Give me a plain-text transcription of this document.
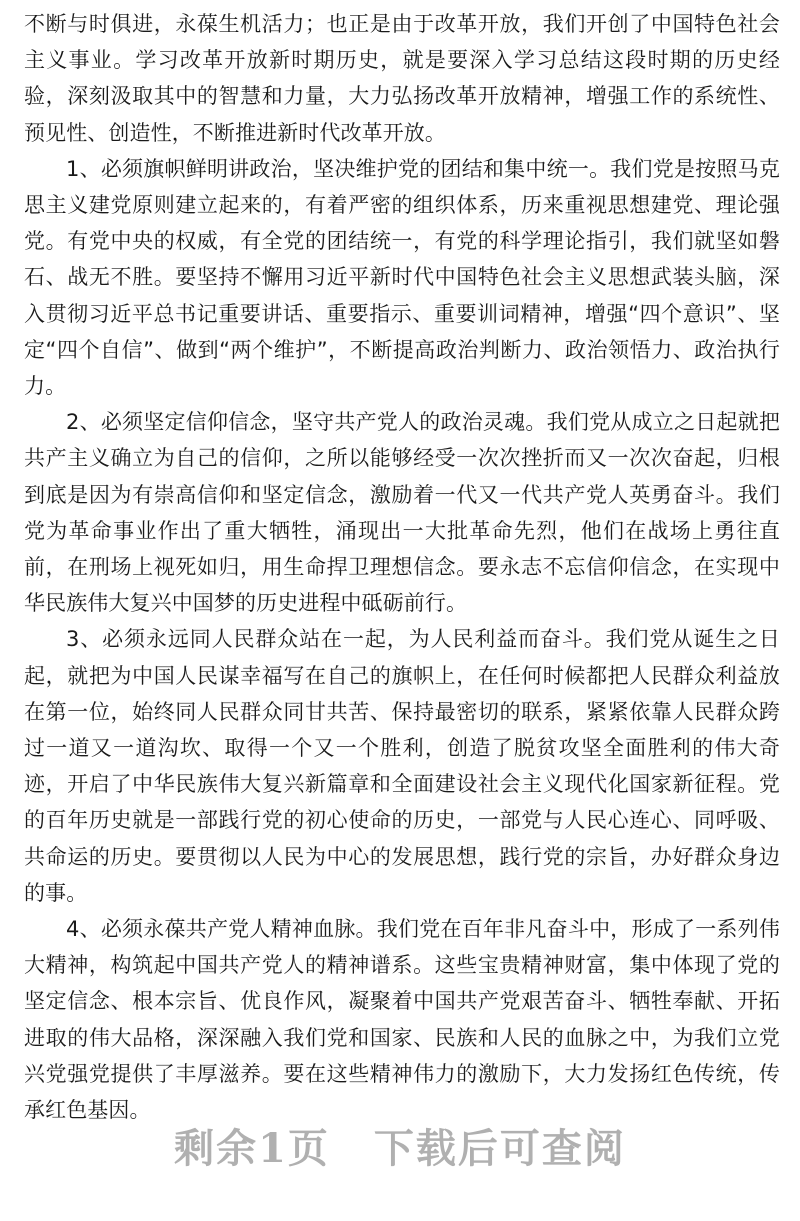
不断与时俱进，永葆生机活力；也正是由于改革开放，我们开创了中国特色社会主义事业。学习改革开放新时期历史，就是要深入学习总结这段时期的历史经验，深刻汲取其中的智慧和力量，大力弘扬改革开放精神，增强工作的系统性、预见性、创造性，不断推进新时代改革开放。

1、必须旗帜鲜明讲政治，坚决维护党的团结和集中统一。我们党是按照马克思主义建党原则建立起来的，有着严密的组织体系，历来重视思想建党、理论强党。有党中央的权威，有全党的团结统一，有党的科学理论指引，我们就坚如磐石、战无不胜。要坚持不懈用习近平新时代中国特色社会主义思想武装头脑，深入贯彻习近平总书记重要讲话、重要指示、重要训词精神，增强“四个意识”、坚定“四个自信”、做到“两个维护”，不断提高政治判断力、政治领悟力、政治执行力。

2、必须坚定信仰信念，坚守共产党人的政治灵魂。我们党从成立之日起就把共产主义确立为自己的信仰，之所以能够经受一次次挫折而又一次次奋起，归根到底是因为有崇高信仰和坚定信念，激励着一代又一代共产党人英勇奋斗。我们党为革命事业作出了重大牺牲，涌现出一大批革命先烈，他们在战场上勇往直前，在刑场上视死如归，用生命捍卫理想信念。要永志不忘信仰信念，在实现中华民族伟大复兴中国梦的历史进程中砥砺前行。

3、必须永远同人民群众站在一起，为人民利益而奋斗。我们党从诞生之日起，就把为中国人民谋幸福写在自己的旗帜上，在任何时候都把人民群众利益放在第一位，始终同人民群众同甘共苦、保持最密切的联系，紧紧依靠人民群众跨过一道又一道沟坎、取得一个又一个胜利，创造了脱贫攻坚全面胜利的伟大奇迹，开启了中华民族伟大复兴新篇章和全面建设社会主义现代化国家新征程。党的百年历史就是一部践行党的初心使命的历史，一部党与人民心连心、同呼吸、共命运的历史。要贯彻以人民为中心的发展思想，践行党的宗旨，办好群众身边的事。

4、必须永葆共产党人精神血脉。我们党在百年非凡奋斗中，形成了一系列伟大精神，构筑起中国共产党人的精神谱系。这些宝贵精神财富，集中体现了党的坚定信念、根本宗旨、优良作风，凝聚着中国共产党艰苦奋斗、牺牲奉献、开拓进取的伟大品格，深深融入我们党和国家、民族和人民的血脉之中，为我们立党兴党强党提供了丰厚滋养。要在这些精神伟力的激励下，大力发扬红色传统，传承红色基因。

剩余1页 下载后可查阅
